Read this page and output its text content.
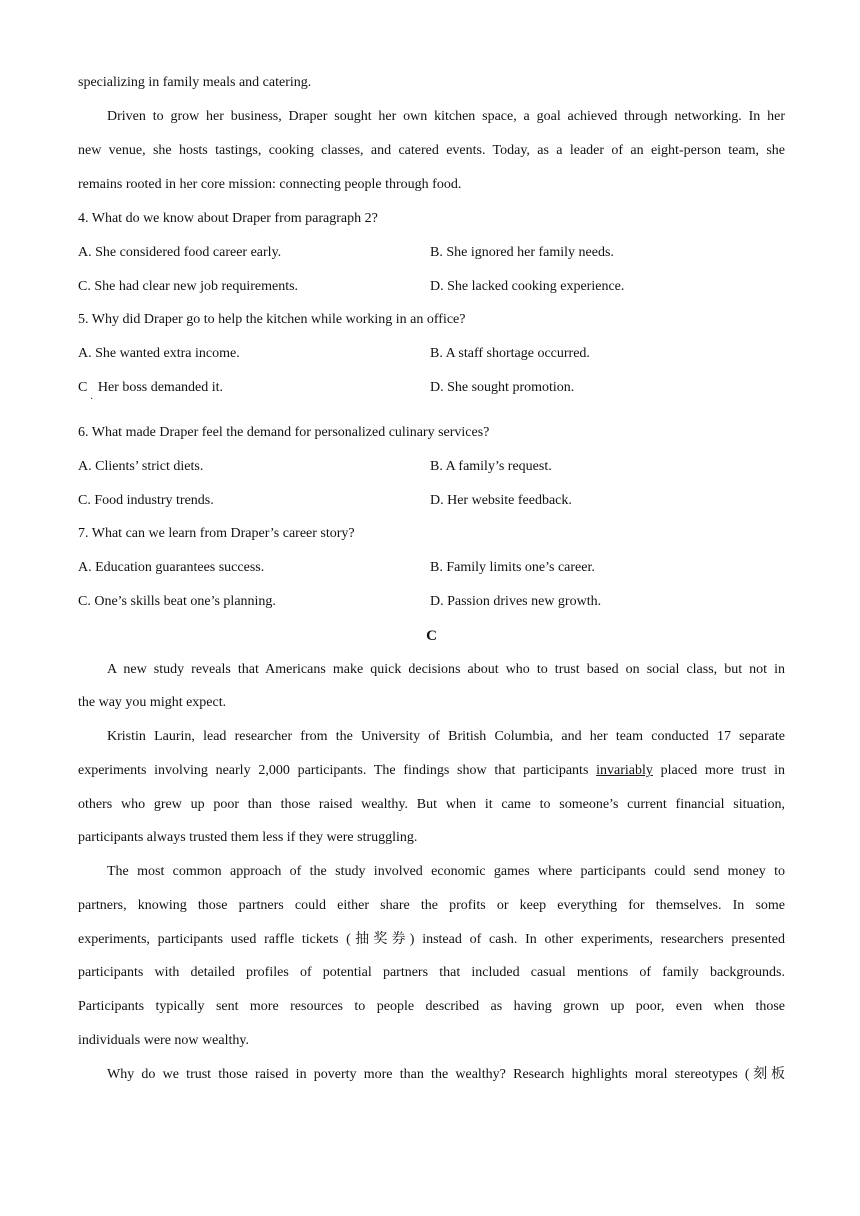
specializing in family meals and catering.
Driven to grow her business, Draper sought her own kitchen space, a goal achieved through networking. In her
new venue, she hosts tastings, cooking classes, and catered events. Today, as a leader of an eight-person team, she
remains rooted in her core mission: connecting people through food.
4. What do we know about Draper from paragraph 2?
A. She considered food career early.	B. She ignored her family needs.
C. She had clear new job requirements.	D. She lacked cooking experience.
5. Why did Draper go to help the kitchen while working in an office?
A. She wanted extra income.	B. A staff shortage occurred.
C   Her boss demanded it.	D. She sought promotion.
·
6. What made Draper feel the demand for personalized culinary services?
A. Clients’ strict diets.	B. A family’s request.
C. Food industry trends.	D. Her website feedback.
7. What can we learn from Draper’s career story?
A. Education guarantees success.	B. Family limits one’s career.
C. One’s skills beat one’s planning.	D. Passion drives new growth.
C
A new study reveals that Americans make quick decisions about who to trust based on social class, but not in
the way you might expect.
Kristin Laurin, lead researcher from the University of British Columbia, and her team conducted 17 separate
experiments involving nearly 2,000 participants. The findings show that participants invariably placed more trust in
others who grew up poor than those raised wealthy. But when it came to someone’s current financial situation,
participants always trusted them less if they were struggling.
The most common approach of the study involved economic games where participants could send money to
partners, knowing those partners could either share the profits or keep everything for themselves. In some
experiments, participants used raffle tickets (抽奖券) instead of cash. In other experiments, researchers presented
participants with detailed profiles of potential partners that included casual mentions of family backgrounds.
Participants typically sent more resources to people described as having grown up poor, even when those
individuals were now wealthy.
Why do we trust those raised in poverty more than the wealthy? Research highlights moral stereotypes (刻板
